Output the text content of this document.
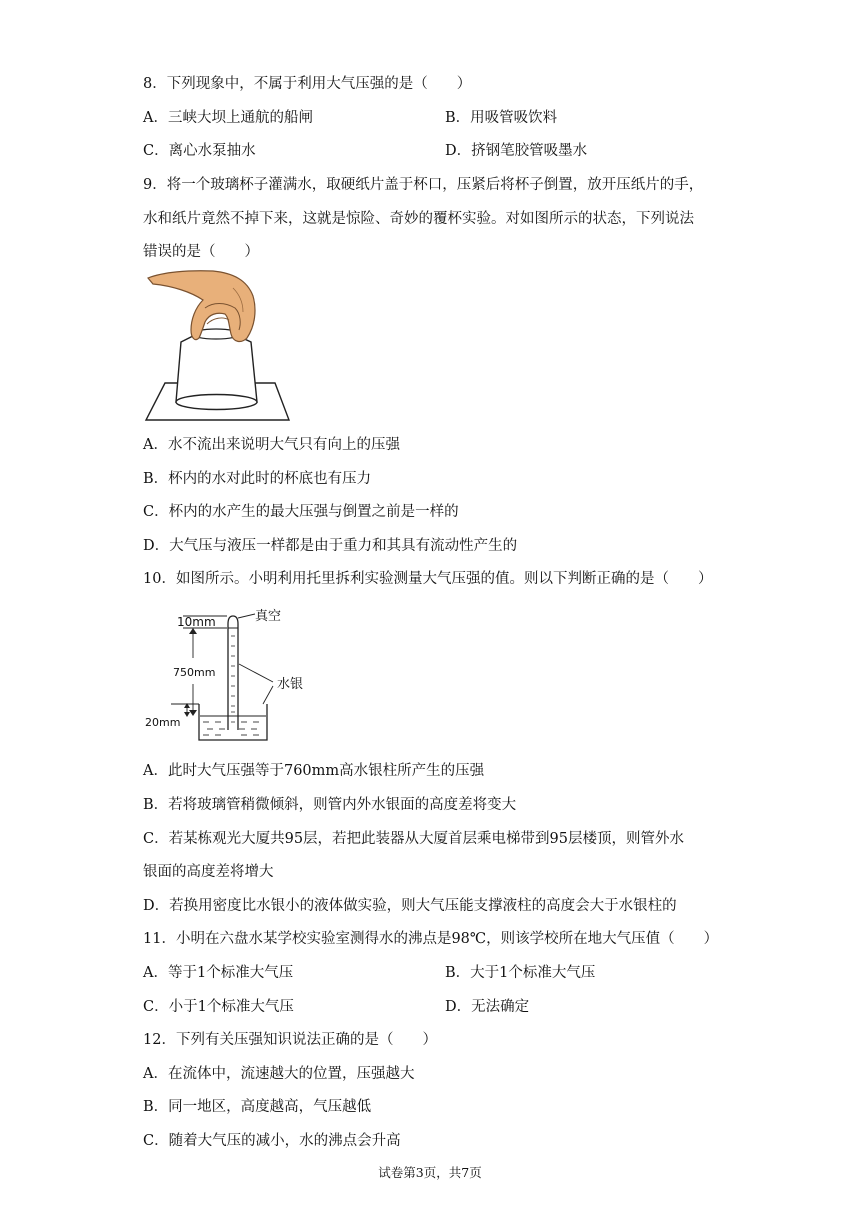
8．下列现象中，不属于利用大气压强的是（　　）
A．三峡大坝上通航的船闸	B．用吸管吸饮料
C．离心水泵抽水	D．挤钢笔胶管吸墨水
9．将一个玻璃杯子灌满水，取硬纸片盖于杯口，压紧后将杯子倒置，放开压纸片的手，
水和纸片竟然不掉下来，这就是惊险、奇妙的覆杯实验。对如图所示的状态，下列说法
错误的是（　　）
A．水不流出来说明大气只有向上的压强
B．杯内的水对此时的杯底也有压力
C．杯内的水产生的最大压强与倒置之前是一样的
D．大气压与液压一样都是由于重力和其具有流动性产生的
10．如图所示。小明利用托里拆利实验测量大气压强的值。则以下判断正确的是（　　）
10mm	真空
750mm
水银
20mm
A．此时大气压强等于760mm高水银柱所产生的压强
B．若将玻璃管稍微倾斜，则管内外水银面的高度差将变大
C．若某栋观光大厦共95层，若把此装器从大厦首层乘电梯带到95层楼顶，则管外水
银面的高度差将增大
D．若换用密度比水银小的液体做实验，则大气压能支撑液柱的高度会大于水银柱的
11．小明在六盘水某学校实验室测得水的沸点是98℃，则该学校所在地大气压值（　　）
A．等于1个标准大气压	B．大于1个标准大气压
C．小于1个标准大气压	D．无法确定
12．下列有关压强知识说法正确的是（　　）
A．在流体中，流速越大的位置，压强越大
B．同一地区，高度越高，气压越低
C．随着大气压的减小，水的沸点会升高
试卷第3页，共7页
